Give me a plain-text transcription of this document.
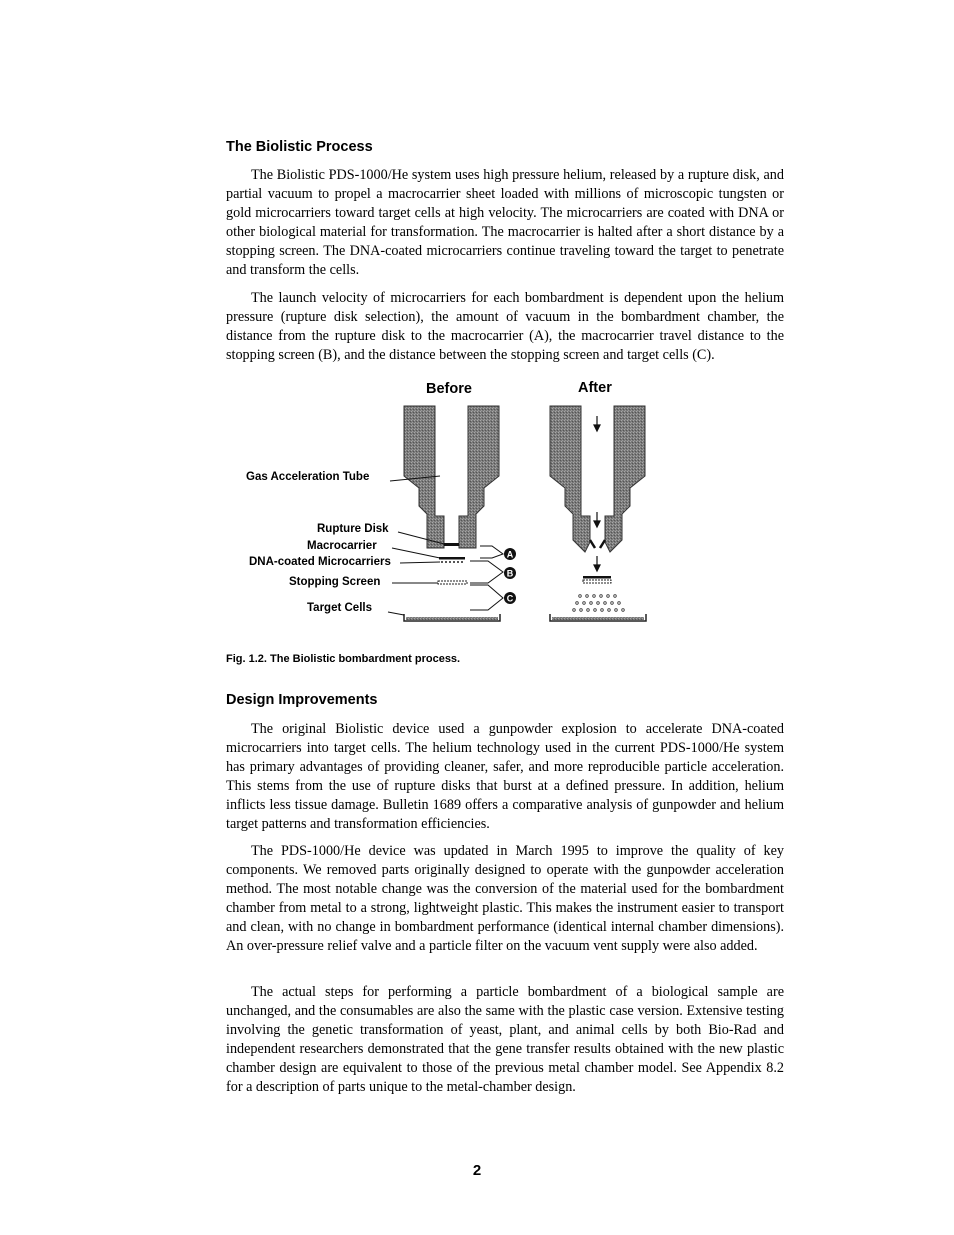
The Biolistic Process

The Biolistic PDS-1000/He system uses high pressure helium, released by a rupture disk, and partial vacuum to propel a macrocarrier sheet loaded with millions of microscopic tungsten or gold microcarriers toward target cells at high velocity. The microcarriers are coated with DNA or other biological material for transformation. The macrocarrier is halted after a short distance by a stopping screen. The DNA-coated microcarriers continue traveling toward the target to penetrate and transform the cells.

The launch velocity of microcarriers for each bombardment is dependent upon the helium pressure (rupture disk selection), the amount of vacuum in the bombardment chamber, the distance from the rupture disk to the macrocarrier (A), the macrocarrier travel distance to the stopping screen (B), and the distance between the stopping screen and target cells (C).

Before	After
A
B
C
Gas Acceleration Tube
Rupture Disk
Macrocarrier
DNA-coated Microcarriers
Stopping Screen
Target Cells
Fig. 1.2. The Biolistic bombardment process.
Design Improvements

The original Biolistic device used a gunpowder explosion to accelerate DNA-coated microcarriers into target cells. The helium technology used in the current PDS-1000/He system has primary advantages of providing cleaner, safer, and more reproducible particle acceleration. This stems from the use of rupture disks that burst at a defined pressure. In addition, helium inflicts less tissue damage. Bulletin 1689 offers a comparative analysis of gunpowder and helium target patterns and transformation efficiencies.

The PDS-1000/He device was updated in March 1995 to improve the quality of key components. We removed parts originally designed to operate with the gunpowder acceleration method. The most notable change was the conversion of the material used for the bombardment chamber from metal to a strong, lightweight plastic. This makes the instrument easier to transport and clean, with no change in bombardment performance (identical internal chamber dimensions). An over-pressure relief valve and a particle filter on the vacuum vent supply were also added.

The actual steps for performing a particle bombardment of a biological sample are unchanged, and the consumables are also the same with the plastic case version. Extensive testing involving the genetic transformation of yeast, plant, and animal cells by both Bio-Rad and independent researchers demonstrated that the gene transfer results obtained with the new plastic chamber design are equivalent to those of the previous metal chamber model. See Appendix 8.2 for a description of parts unique to the metal-chamber design.

2
